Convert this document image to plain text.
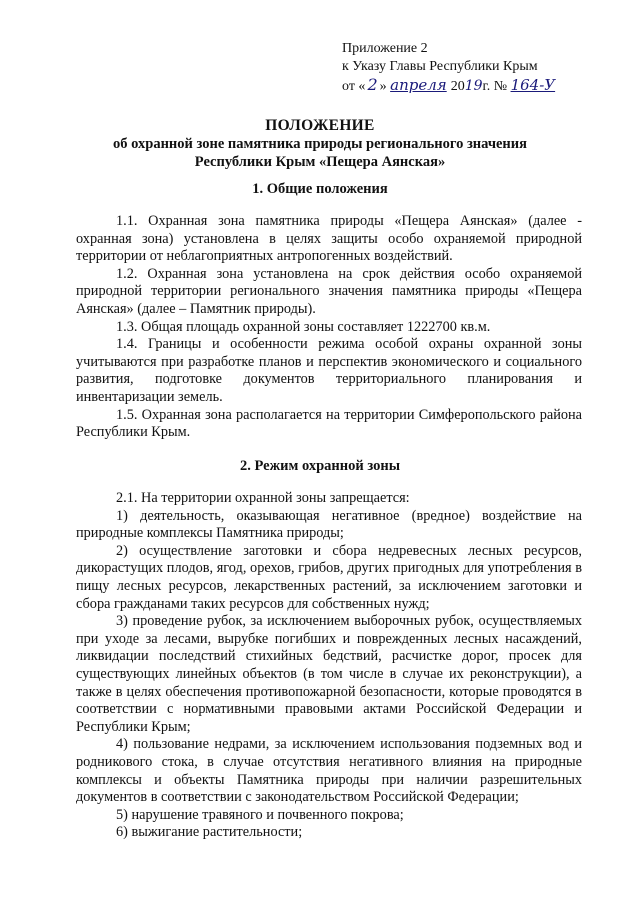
Приложение 2
к Указу Главы Республики Крым
от « 2 » апреля 2019г. № 164-У
ПОЛОЖЕНИЕ
об охранной зоне памятника природы регионального значения
Республики Крым «Пещера Аянская»
1. Общие положения

1.1. Охранная зона памятника природы «Пещера Аянская» (далее - охранная зона) установлена в целях защиты особо охраняемой природной территории от неблагоприятных антропогенных воздействий.

1.2. Охранная зона установлена на срок действия особо охраняемой природной территории регионального значения памятника природы «Пещера Аянская» (далее – Памятник природы).

1.3. Общая площадь охранной зоны составляет 1222700 кв.м.

1.4. Границы и особенности режима особой охраны охранной зоны учитываются при разработке планов и перспектив экономического и социального развития, подготовке документов территориального планирования и инвентаризации земель.

1.5. Охранная зона располагается на территории Симферопольского района Республики Крым.

2. Режим охранной зоны

2.1. На территории охранной зоны запрещается:

1) деятельность, оказывающая негативное (вредное) воздействие на природные комплексы Памятника природы;

2) осуществление заготовки и сбора недревесных лесных ресурсов, дикорастущих плодов, ягод, орехов, грибов, других пригодных для употребления в пищу лесных ресурсов, лекарственных растений, за исключением заготовки и сбора гражданами таких ресурсов для собственных нужд;

3) проведение рубок, за исключением выборочных рубок, осуществляемых при уходе за лесами, вырубке погибших и поврежденных лесных насаждений, ликвидации последствий стихийных бедствий, расчистке дорог, просек для существующих линейных объектов (в том числе в случае их реконструкции), а также в целях обеспечения противопожарной безопасности, которые проводятся в соответствии с нормативными правовыми актами Российской Федерации и Республики Крым;

4) пользование недрами, за исключением использования подземных вод и родникового стока, в случае отсутствия негативного влияния на природные комплексы и объекты Памятника природы при наличии разрешительных документов в соответствии с законодательством Российской Федерации;

5) нарушение травяного и почвенного покрова;

6) выжигание растительности;
